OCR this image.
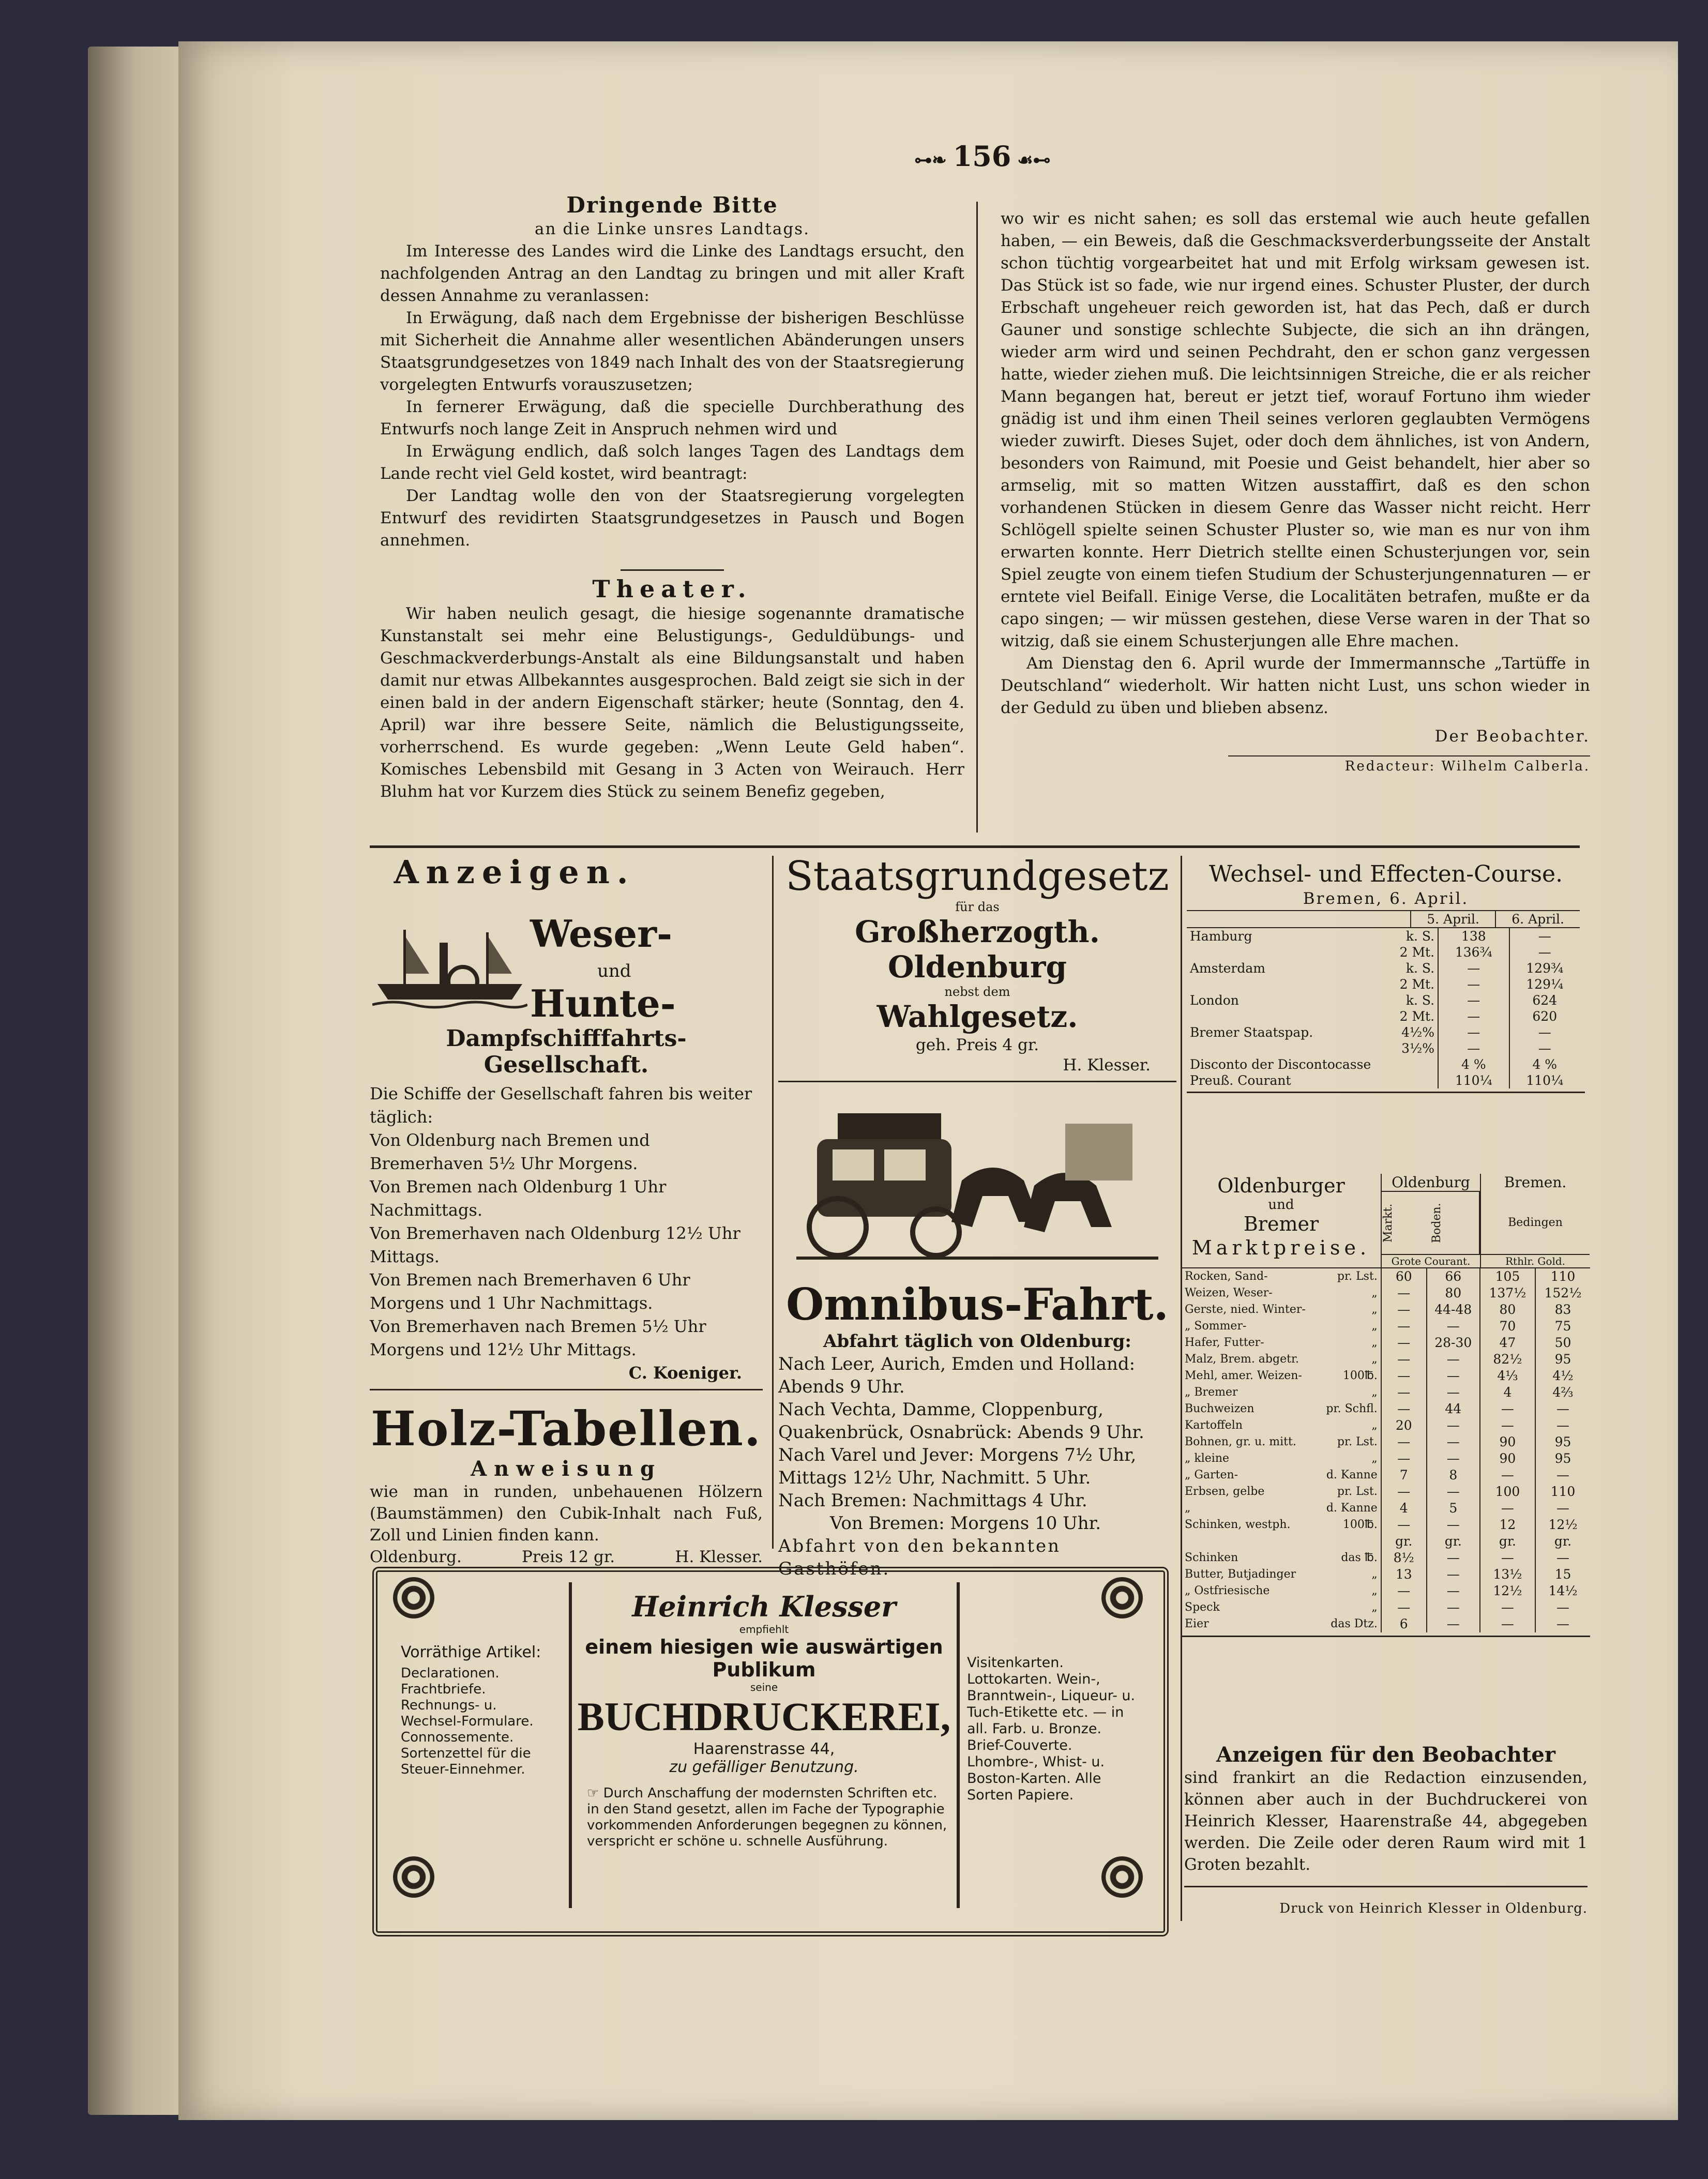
⊶❧ 156 ☙⊷
Dringende Bitte
an die Linke unsres Landtags.

Im Interesse des Landes wird die Linke des Landtags ersucht, den nachfolgenden Antrag an den Landtag zu bringen und mit aller Kraft dessen Annahme zu veranlassen:

In Erwägung, daß nach dem Ergebnisse der bisherigen Beschlüsse mit Sicherheit die Annahme aller wesentlichen Abänderungen unsers Staatsgrundgesetzes von 1849 nach Inhalt des von der Staatsregierung vorgelegten Entwurfs vorauszusetzen;

In fernerer Erwägung, daß die specielle Durchberathung des Entwurfs noch lange Zeit in Anspruch nehmen wird und

In Erwägung endlich, daß solch langes Tagen des Landtags dem Lande recht viel Geld kostet, wird beantragt:

Der Landtag wolle den von der Staatsregierung vorgelegten Entwurf des revidirten Staatsgrundgesetzes in Pausch und Bogen annehmen.

Theater.

Wir haben neulich gesagt, die hiesige sogenannte dramatische Kunstanstalt sei mehr eine Belustigungs-, Geduldübungs- und Geschmackverderbungs-Anstalt als eine Bildungsanstalt und haben damit nur etwas Allbekanntes ausgesprochen. Bald zeigt sie sich in der einen bald in der andern Eigenschaft stärker; heute (Sonntag, den 4. April) war ihre bessere Seite, nämlich die Belustigungsseite, vorherrschend. Es wurde gegeben: „Wenn Leute Geld haben“. Komisches Lebensbild mit Gesang in 3 Acten von Weirauch. Herr Bluhm hat vor Kurzem dies Stück zu seinem Benefiz gegeben,

wo wir es nicht sahen; es soll das erstemal wie auch heute gefallen haben, — ein Beweis, daß die Geschmacksverderbungsseite der Anstalt schon tüchtig vorgearbeitet hat und mit Erfolg wirksam gewesen ist. Das Stück ist so fade, wie nur irgend eines. Schuster Pluster, der durch Erbschaft ungeheuer reich geworden ist, hat das Pech, daß er durch Gauner und sonstige schlechte Subjecte, die sich an ihn drängen, wieder arm wird und seinen Pechdraht, den er schon ganz vergessen hatte, wieder ziehen muß. Die leichtsinnigen Streiche, die er als reicher Mann begangen hat, bereut er jetzt tief, worauf Fortuno ihm wieder gnädig ist und ihm einen Theil seines verloren geglaubten Vermögens wieder zuwirft. Dieses Sujet, oder doch dem ähnliches, ist von Andern, besonders von Raimund, mit Poesie und Geist behandelt, hier aber so armselig, mit so matten Witzen ausstaffirt, daß es den schon vorhandenen Stücken in diesem Genre das Wasser nicht reicht. Herr Schlögell spielte seinen Schuster Pluster so, wie man es nur von ihm erwarten konnte. Herr Dietrich stellte einen Schusterjungen vor, sein Spiel zeugte von einem tiefen Studium der Schusterjungennaturen — er erntete viel Beifall. Einige Verse, die Localitäten betrafen, mußte er da capo singen; — wir müssen gestehen, diese Verse waren in der That so witzig, daß sie einem Schusterjungen alle Ehre machen.

Am Dienstag den 6. April wurde der Immermannsche „Tartüffe in Deutschland“ wiederholt. Wir hatten nicht Lust, uns schon wieder in der Geduld zu üben und blieben absenz.

Der Beobachter.
Redacteur: Wilhelm Calberla.
Anzeigen.
Weser-
und
Hunte-
Dampfschifffahrts-Gesellschaft.
Die Schiffe der Gesellschaft fahren bis weiter täglich:
Von Oldenburg nach Bremen und Bremerhaven 5½ Uhr Morgens.
Von Bremen nach Oldenburg 1 Uhr Nachmittags.
Von Bremerhaven nach Oldenburg 12½ Uhr Mittags.
Von Bremen nach Bremerhaven 6 Uhr Morgens und 1 Uhr Nachmittags.
Von Bremerhaven nach Bremen 5½ Uhr Morgens und 12½ Uhr Mittags.
C. Koeniger.
Holz-Tabellen.
Anweisung
wie man in runden, unbehauenen Hölzern (Baumstämmen) den Cubik-Inhalt nach Fuß, Zoll und Linien finden kann.
Oldenburg.	Preis 12 gr.	H. Klesser.
Staatsgrundgesetz
für das
Großherzogth. Oldenburg
nebst dem
Wahlgesetz.
geh. Preis 4 gr.
H. Klesser.
Omnibus-Fahrt.
Abfahrt täglich von Oldenburg:
Nach Leer, Aurich, Emden und Holland: Abends 9 Uhr.
Nach Vechta, Damme, Cloppenburg, Quakenbrück, Osnabrück: Abends 9 Uhr.
Nach Varel und Jever: Morgens 7½ Uhr, Mittags 12½ Uhr, Nachmitt. 5 Uhr.
Nach Bremen: Nachmittags 4 Uhr.
Von Bremen: Morgens 10 Uhr.
Abfahrt von den bekannten Gasthöfen.
Vorräthige Artikel:
Declarationen. Frachtbriefe. Rechnungs- u. Wechsel-Formulare. Connossemente. Sortenzettel für die Steuer-Einnehmer.
Heinrich Klesser
empfiehlt
einem hiesigen wie auswärtigen
Publikum
seine
BUCHDRUCKEREI,
Haarenstrasse 44,
zu gefälliger Benutzung.
☞ Durch Anschaffung der modernsten Schriften etc. in den Stand gesetzt, allen im Fache der Typographie vorkommenden Anforderungen begegnen zu können, verspricht er schöne u. schnelle Ausführung.
Visitenkarten. Lottokarten. Wein-, Branntwein-, Liqueur- u. Tuch-Etikette etc. — in all. Farb. u. Bronze. Brief-Couverte. Lhombre-, Whist- u. Boston-Karten. Alle Sorten Papiere.
Wechsel- und Effecten-Course.
Bremen, 6. April.
	5. April.	6. April.
Hamburg	k. S.	138	—
	2 Mt.	136¾	—
Amsterdam	k. S.	—	129¾
	2 Mt.	—	129¼
London	k. S.	—	624
	2 Mt.	—	620
Bremer Staatspap.	4½%	—	—
	3½%	—	—
Disconto der Discontocasse		4 %	4 %
Preuß. Courant		110¼	110¼
Oldenburger
und
Bremer
Marktpreise.
Oldenburg
Markt.	Boden.
Grote Courant.
Bremen.
Bedingen
Rthlr. Gold.
Rocken, Sand-	pr. Lst.	60	66	105	110
Weizen, Weser-	„	—	80	137½	152½
Gerste, nied. Winter-	„	—	44-48	80	83
„ Sommer-	„	—	—	70	75
Hafer, Futter-	„	—	28-30	47	50
Malz, Brem. abgetr.	„	—	—	82½	95
Mehl, amer. Weizen-	100℔.	—	—	4⅓	4½
„ Bremer	„	—	—	4	4⅔
Buchweizen	pr. Schfl.	—	44	—	—
Kartoffeln	„	20	—	—	—
Bohnen, gr. u. mitt.	pr. Lst.	—	—	90	95
„ kleine	„	—	—	90	95
„ Garten-	d. Kanne	7	8	—	—
Erbsen, gelbe	pr. Lst.	—	—	100	110
„	d. Kanne	4	5	—	—
Schinken, westph.	100℔.	—	—	12	12½
		gr.	gr.	gr.	gr.
Schinken	das ℔.	8½	—	—	—
Butter, Butjadinger	„	13	—	13½	15
„ Ostfriesische	„	—	—	12½	14½
Speck	„	—	—	—	—
Eier	das Dtz.	6	—	—	—
Anzeigen für den Beobachter
sind frankirt an die Redaction einzusenden, können aber auch in der Buchdruckerei von Heinrich Klesser, Haarenstraße 44, abgegeben werden. Die Zeile oder deren Raum wird mit 1 Groten bezahlt.
Druck von Heinrich Klesser in Oldenburg.
